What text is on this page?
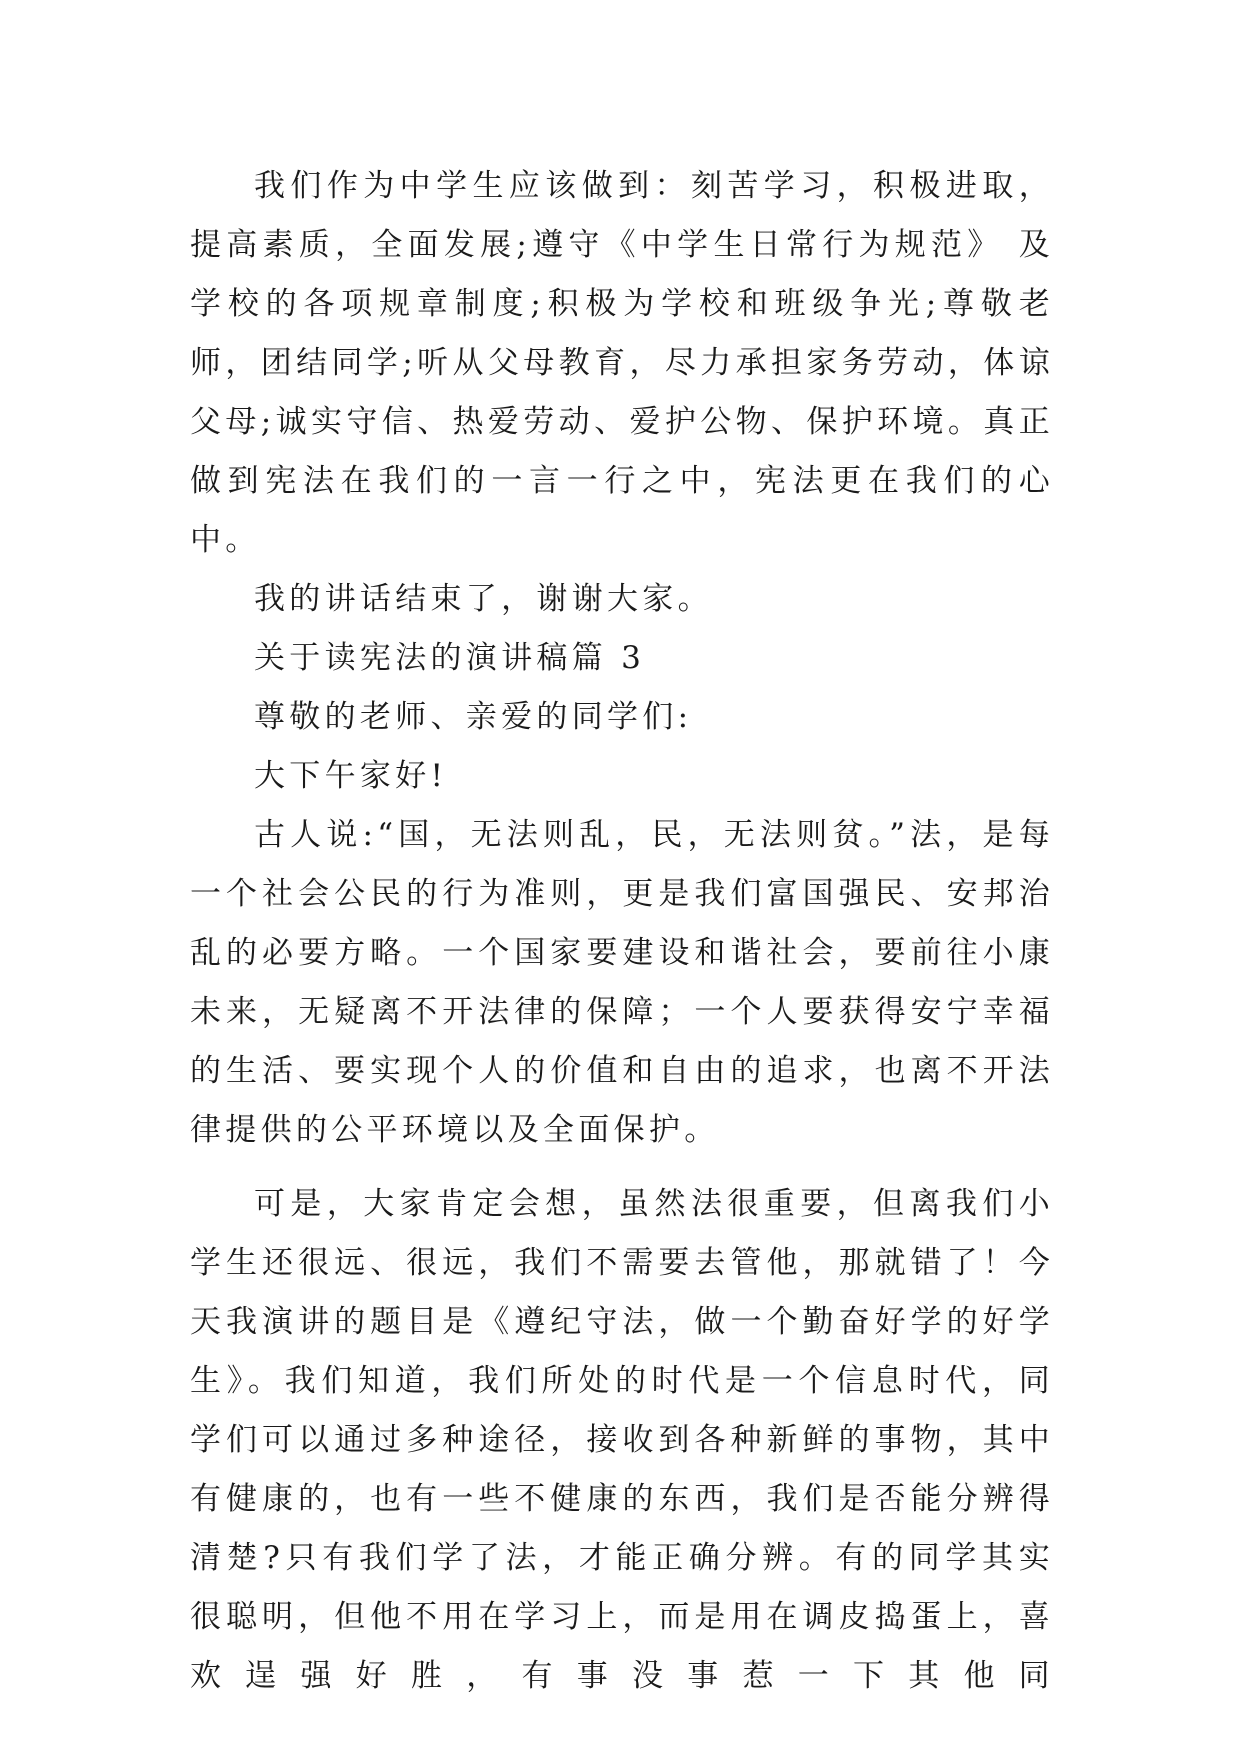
我们作为中学生应该做到：刻苦学习，积极进取，提高素质，全面发展;遵守《中学生日常行为规范》 及学校的各项规章制度;积极为学校和班级争光;尊敬老师，团结同学;听从父母教育，尽力承担家务劳动，体谅父母;诚实守信、热爱劳动、爱护公物、保护环境。真正做到宪法在我们的一言一行之中，宪法更在我们的心中。

我的讲话结束了，谢谢大家。

关于读宪法的演讲稿篇 3

尊敬的老师、亲爱的同学们:

大下午家好!

古人说:“国，无法则乱，民，无法则贫。”法，是每一个社会公民的行为准则，更是我们富国强民、安邦治乱的必要方略。一个国家要建设和谐社会，要前往小康未来，无疑离不开法律的保障；一个人要获得安宁幸福的生活、要实现个人的价值和自由的追求，也离不开法律提供的公平环境以及全面保护。

可是，大家肯定会想，虽然法很重要，但离我们小学生还很远、很远，我们不需要去管他，那就错了！今天我演讲的题目是《遵纪守法，做一个勤奋好学的好学生》。我们知道，我们所处的时代是一个信息时代，同学们可以通过多种途径，接收到各种新鲜的事物，其中有健康的，也有一些不健康的东西，我们是否能分辨得清楚?只有我们学了法，才能正确分辨。有的同学其实很聪明，但他不用在学习上，而是用在调皮捣蛋上，喜欢逞强好胜，有事没事惹一下其他同
